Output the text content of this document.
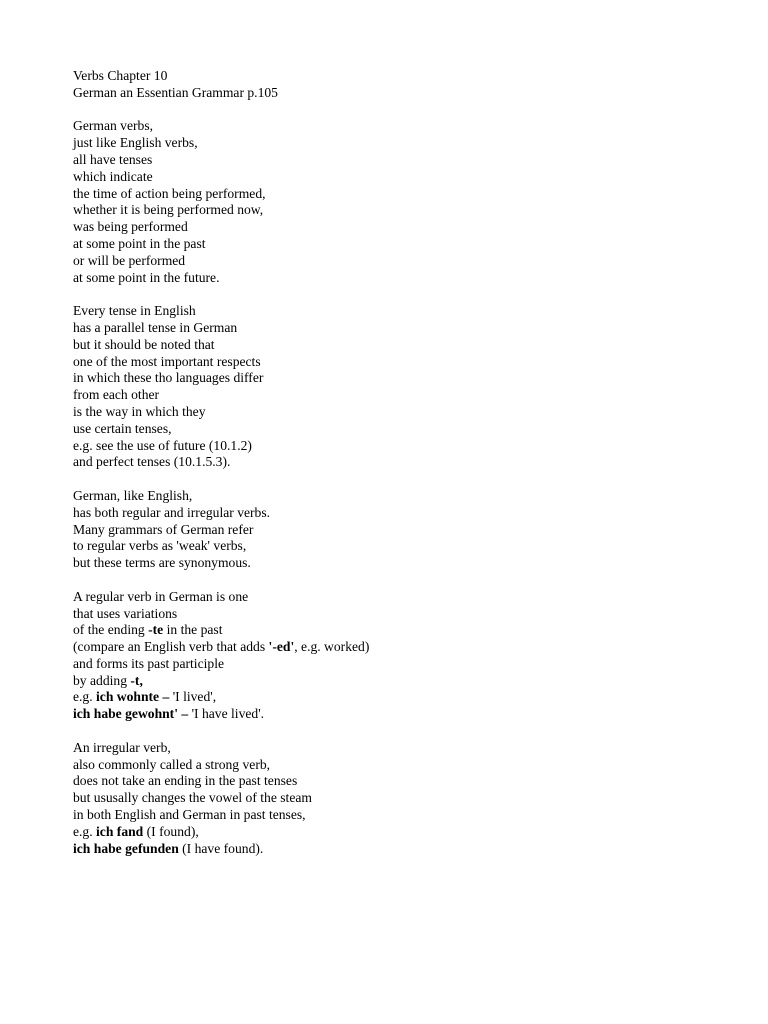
Verbs Chapter 10
German an Essentian Grammar p.105
German verbs,
just like English verbs,
all have tenses
which indicate
the time of action being performed,
whether it is being performed now,
was being performed
at some point in the past
or will be performed
at some point in the future.
Every tense in English
has a parallel tense in German
but it should be noted that
one of the most important respects
in which these tho languages differ
from each other
is the way in which they
use certain tenses,
e.g. see the use of future (10.1.2)
and perfect tenses (10.1.5.3).
German, like English,
has both regular and irregular verbs.
Many grammars of German refer
to regular verbs as 'weak' verbs,
but these terms are synonymous.
A regular verb in German is one
that uses variations
of the ending -te in the past
(compare an English verb that adds '-ed', e.g. worked)
and forms its past participle
by adding -t,
e.g. ich wohnte – 'I lived',
ich habe gewohnt' – 'I have lived'.
An irregular verb,
also commonly called a strong verb,
does not take an ending in the past tenses
but ususally changes the vowel of the steam
in both English and German in past tenses,
e.g. ich fand (I found),
ich habe gefunden (I have found).
